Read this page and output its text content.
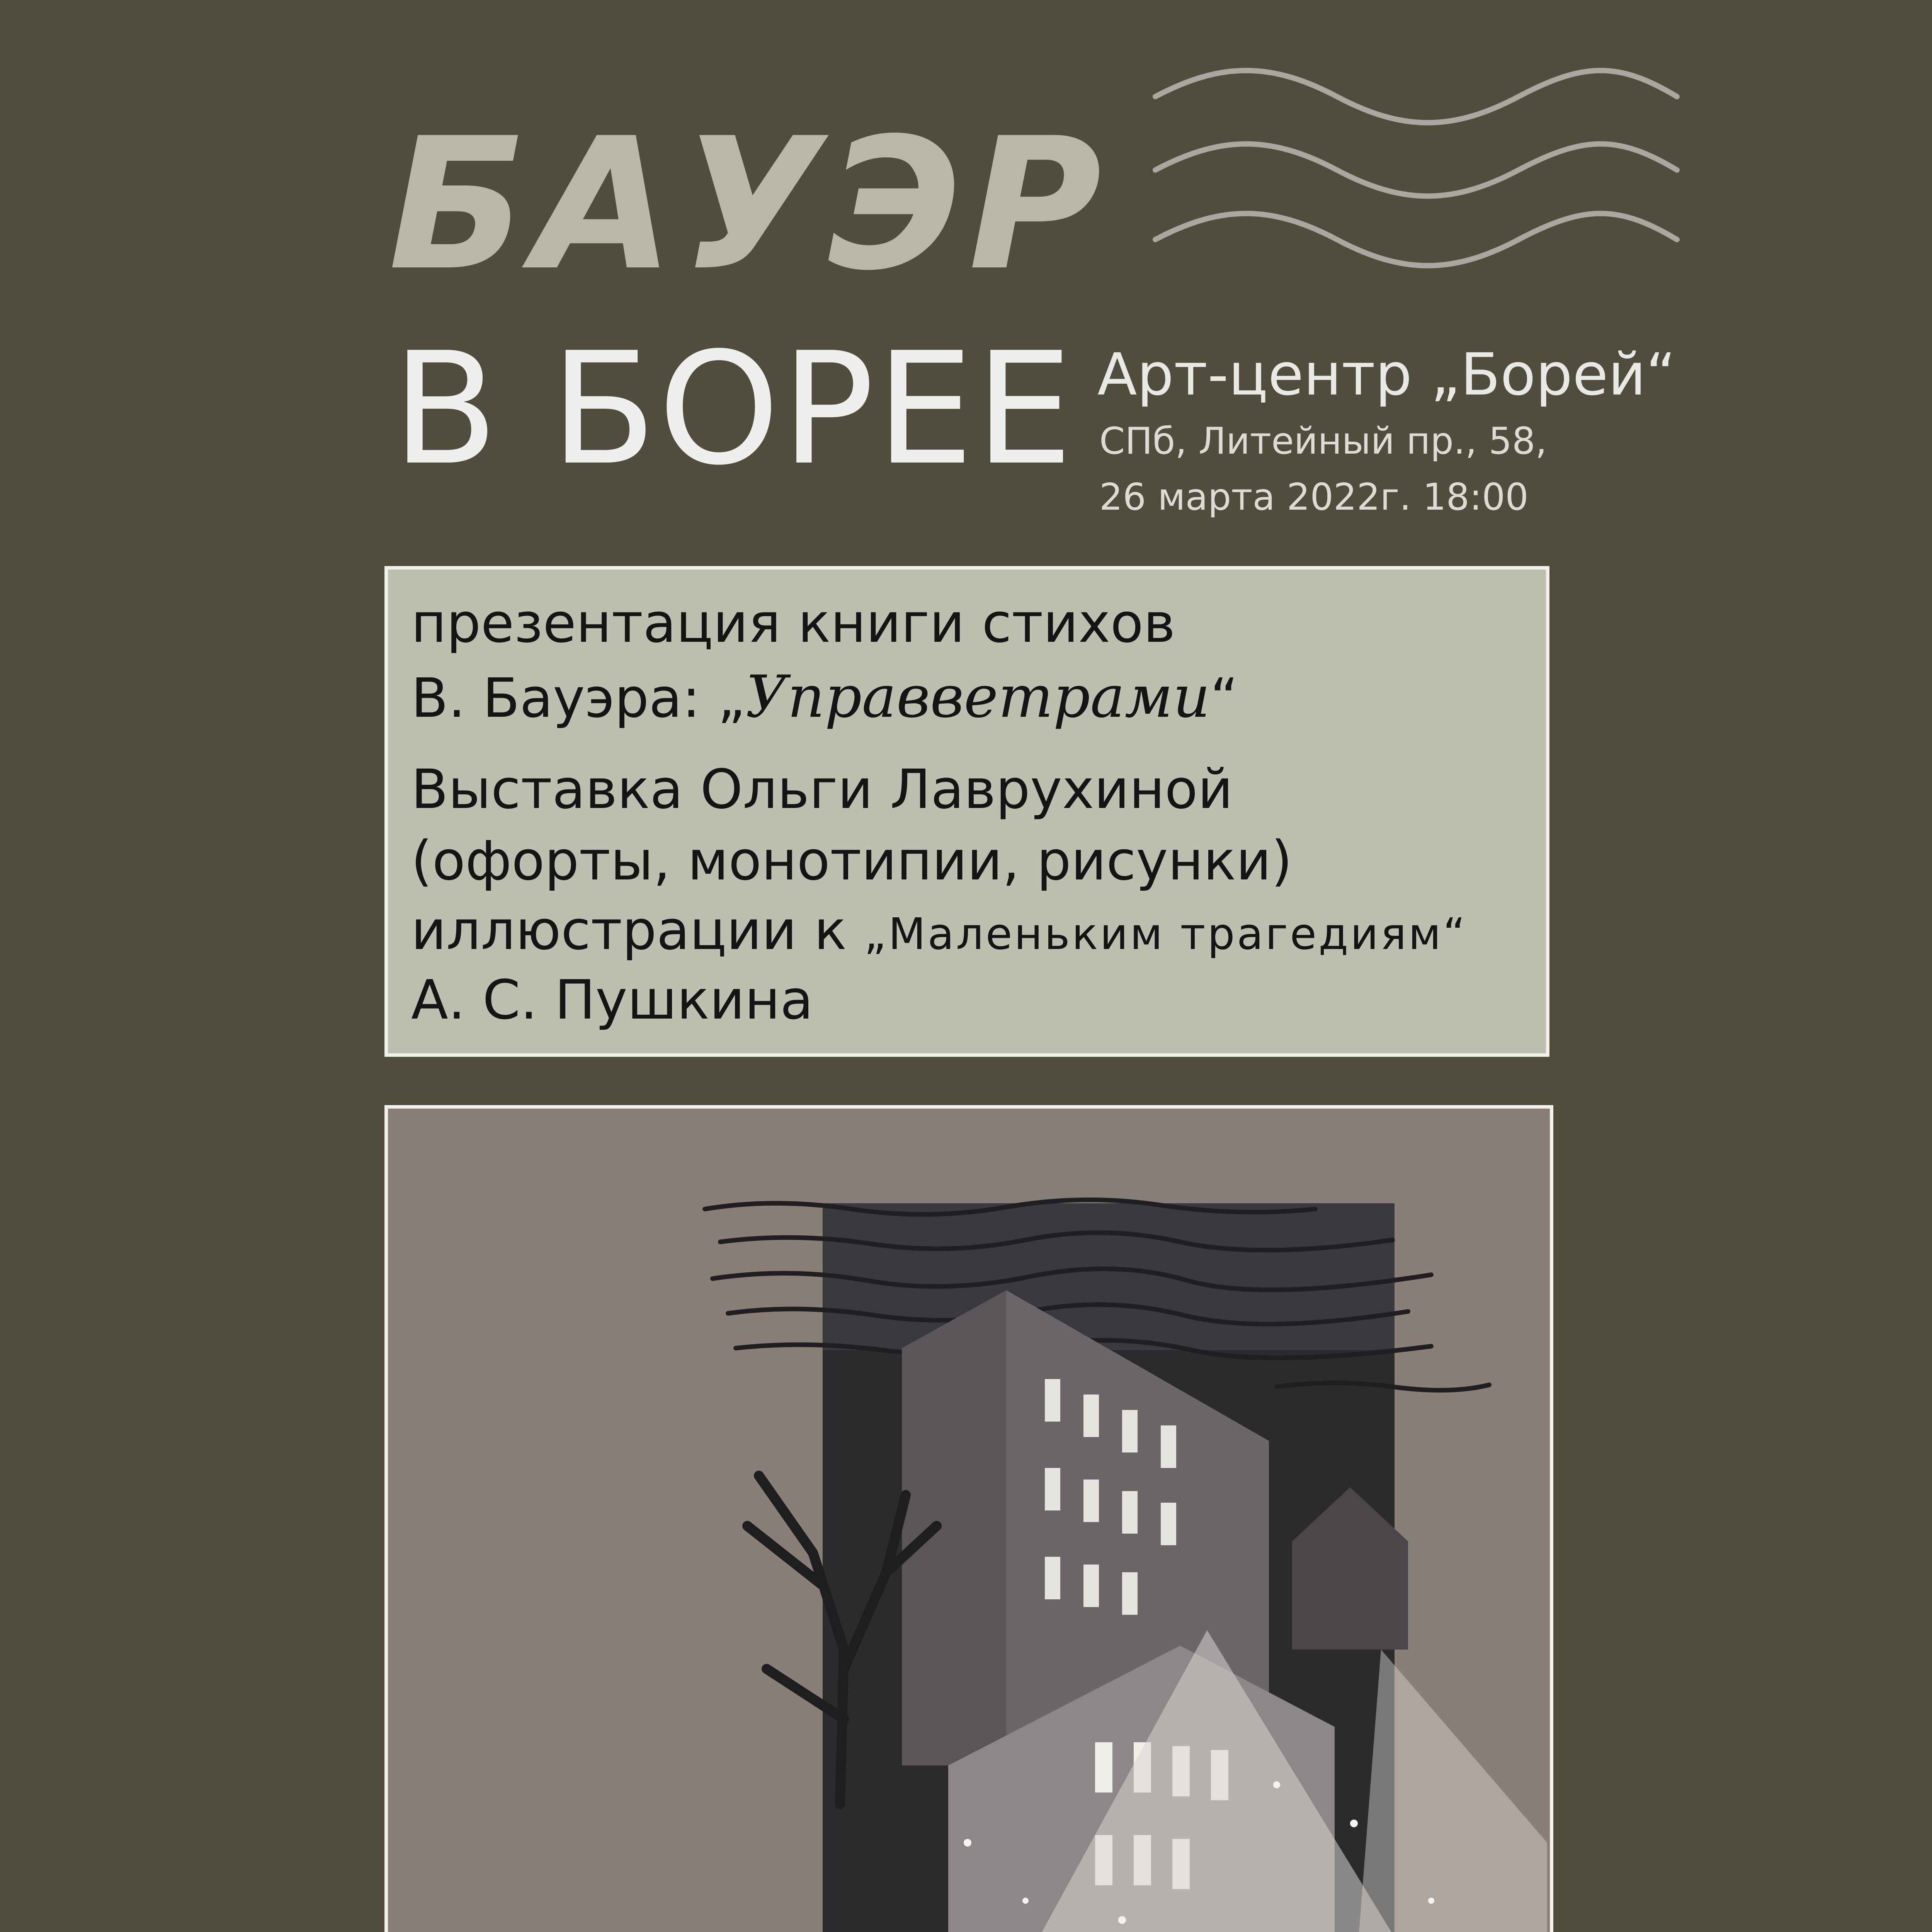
БАУЭР
В БОРЕЕ Арт-центр „Борей“
СПб, Литейный пр., 58,
26 марта 2022г. 18:00
презентация книги стихов
В. Бауэра: „Управветрами“
Выставка Ольги Лаврухиной
(офорты, монотипии, рисунки)
иллюстрации к „Маленьким трагедиям“
А. С. Пушкина
